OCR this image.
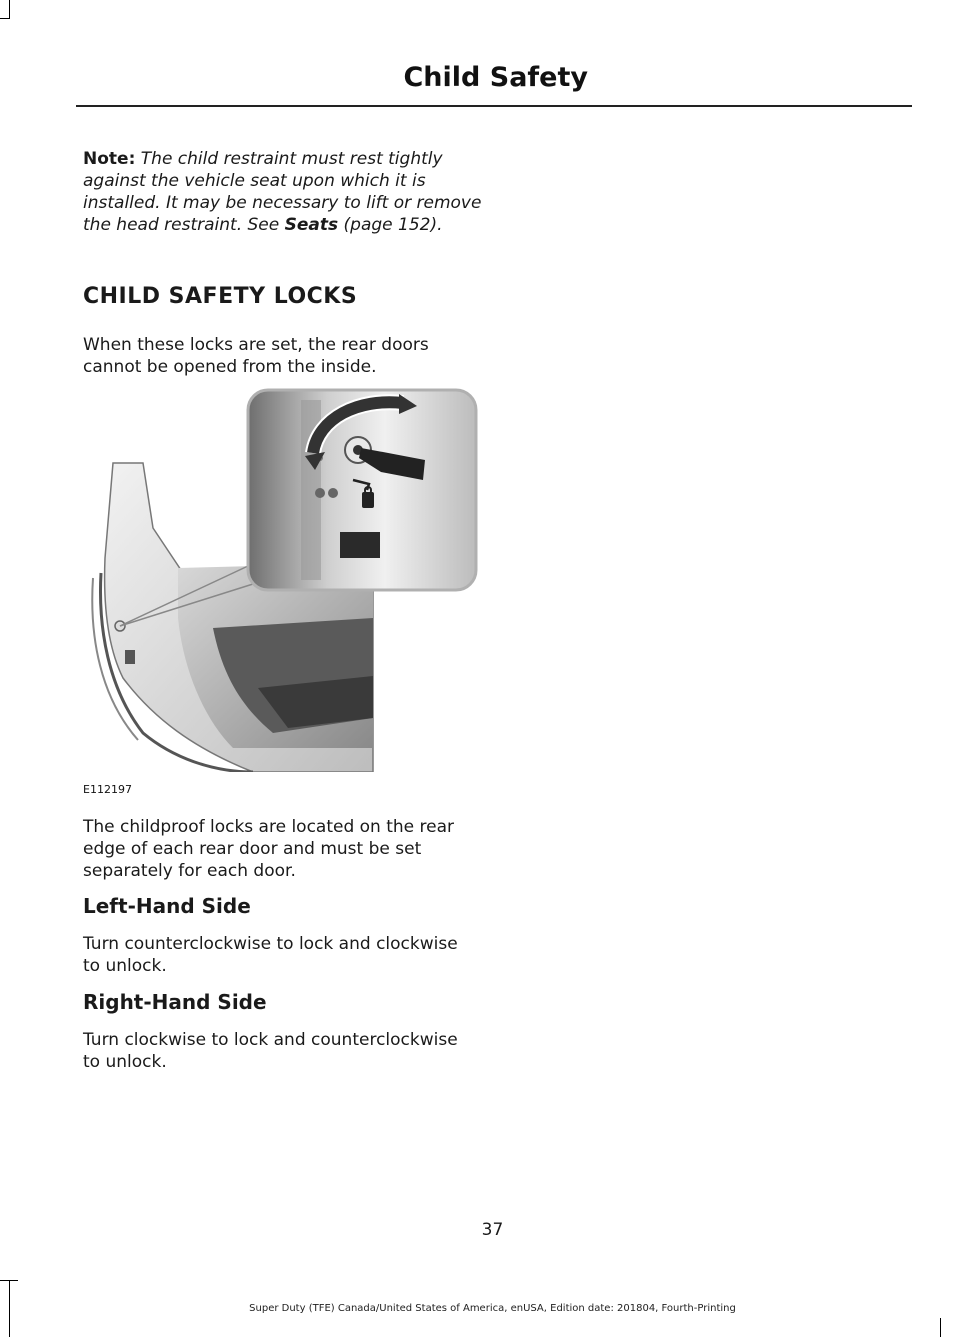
Child Safety
Note: The child restraint must rest tightly against the vehicle seat upon which it is installed. It may be necessary to lift or remove the head restraint. See Seats (page 152).
CHILD SAFETY LOCKS

When these locks are set, the rear doors cannot be opened from the inside.

E112197

The childproof locks are located on the rear edge of each rear door and must be set separately for each door.

Left-Hand Side

Turn counterclockwise to lock and clockwise to unlock.

Right-Hand Side

Turn clockwise to lock and counterclockwise to unlock.

37
Super Duty (TFE) Canada/United States of America, enUSA, Edition date: 201804, Fourth-Printing
